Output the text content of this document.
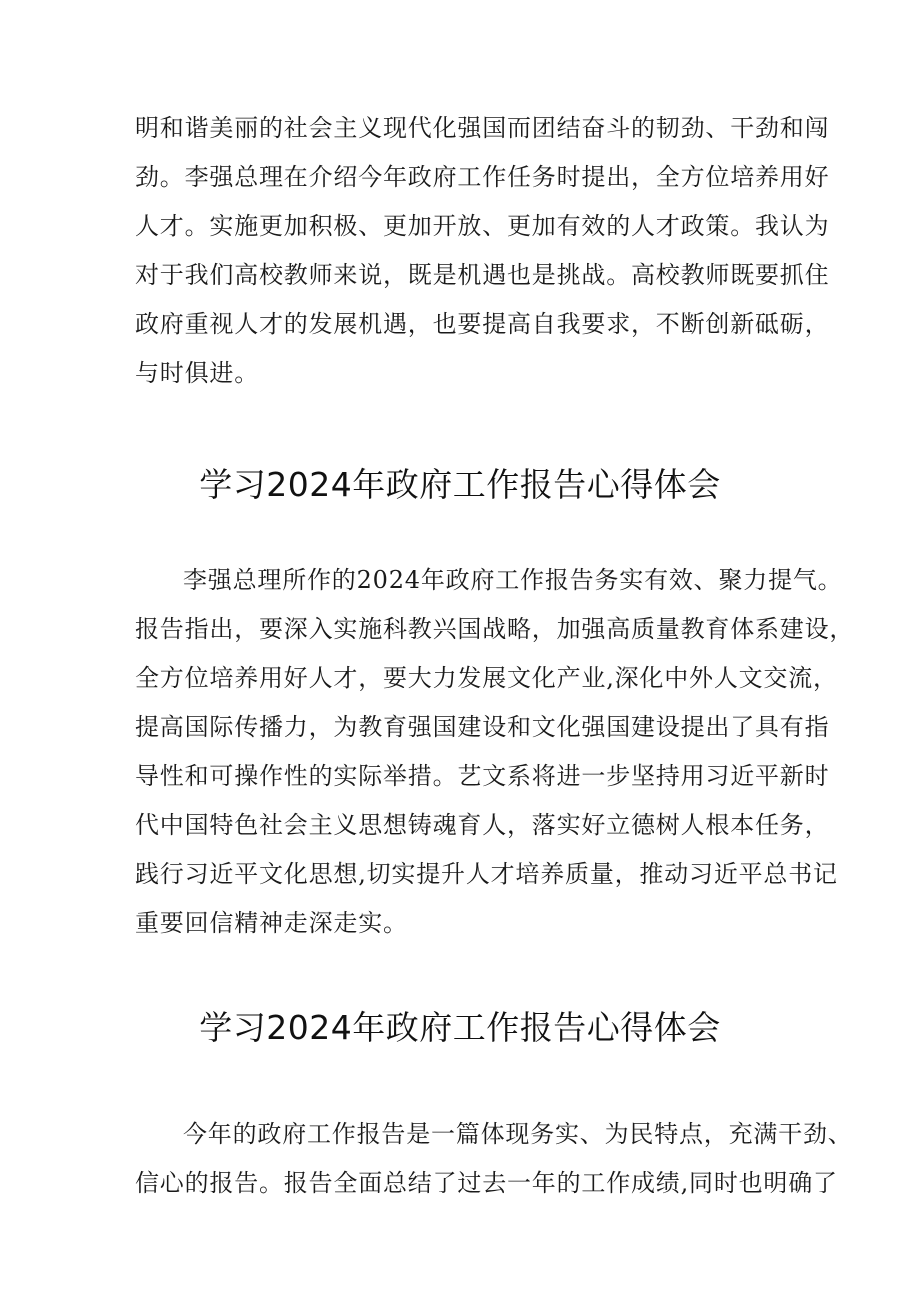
明和谐美丽的社会主义现代化强国而团结奋斗的韧劲、干劲和闯
劲。李强总理在介绍今年政府工作任务时提出，全方位培养用好
人才。实施更加积极、更加开放、更加有效的人才政策。我认为
对于我们高校教师来说，既是机遇也是挑战。高校教师既要抓住
政府重视人才的发展机遇，也要提高自我要求，不断创新砥砺，
与时俱进。
学习2024年政府工作报告心得体会
李强总理所作的2024年政府工作报告务实有效、聚力提气。
报告指出，要深入实施科教兴国战略，加强高质量教育体系建设，
全方位培养用好人才，要大力发展文化产业,深化中外人文交流，
提高国际传播力，为教育强国建设和文化强国建设提出了具有指
导性和可操作性的实际举措。艺文系将进一步坚持用习近平新时
代中国特色社会主义思想铸魂育人，落实好立德树人根本任务，
践行习近平文化思想,切实提升人才培养质量，推动习近平总书记
重要回信精神走深走实。
学习2024年政府工作报告心得体会
今年的政府工作报告是一篇体现务实、为民特点，充满干劲、
信心的报告。报告全面总结了过去一年的工作成绩,同时也明确了
